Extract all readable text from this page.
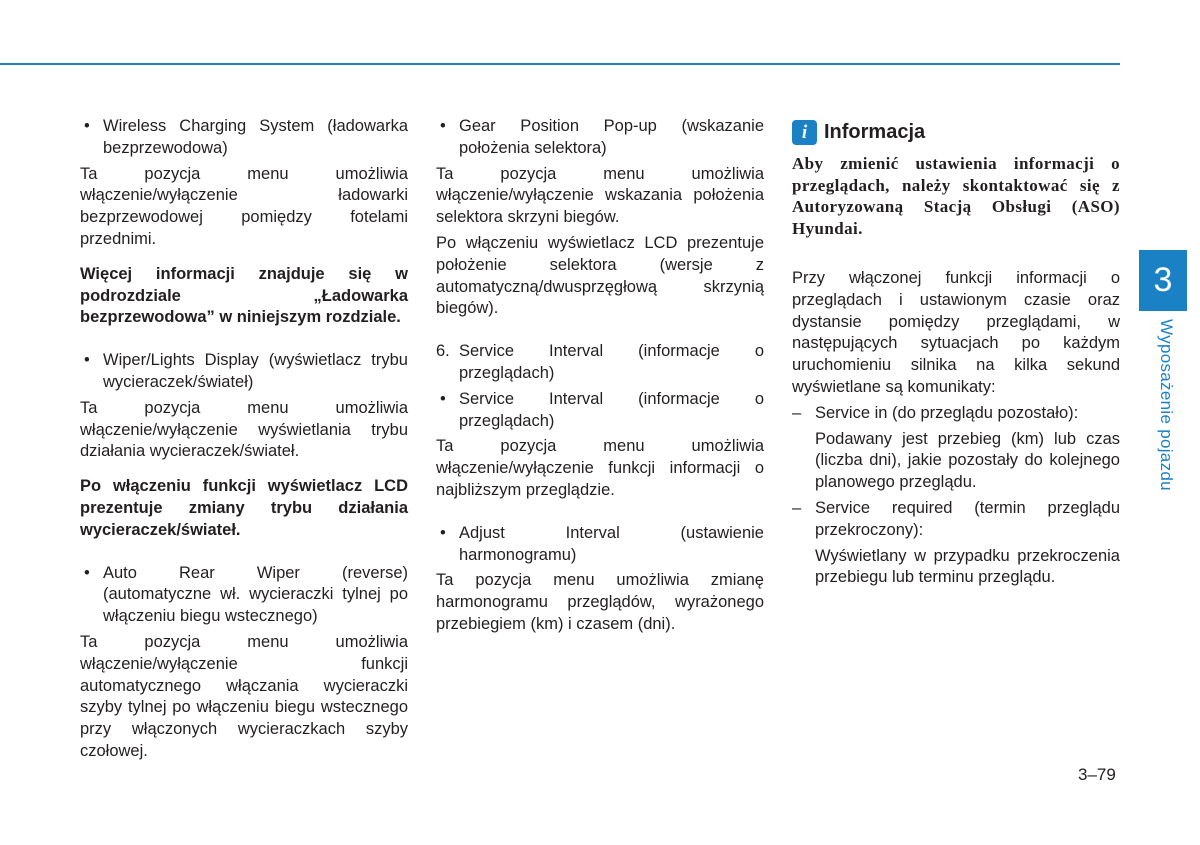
• Wireless Charging System (ładowarka bezprzewodowa)

Ta pozycja menu umożliwia włączenie/wyłączenie ładowarki bezprzewodowej pomiędzy fotelami przednimi.

Więcej informacji znajduje się w podrozdziale „Ładowarka bezprzewodowa” w niniejszym rozdziale.

• Wiper/Lights Display (wyświetlacz trybu wycieraczek/świateł)

Ta pozycja menu umożliwia włączenie/wyłączenie wyświetlania trybu działania wycieraczek/świateł.

Po włączeniu funkcji wyświetlacz LCD prezentuje zmiany trybu działania wycieraczek/świateł.

• Auto Rear Wiper (reverse) (automatyczne wł. wycieraczki tylnej po włączeniu biegu wstecznego)

Ta pozycja menu umożliwia włączenie/wyłączenie funkcji automatycznego włączania wycieraczki szyby tylnej po włączeniu biegu wstecznego przy włączonych wycieraczkach szyby czołowej.

• Gear Position Pop-up (wskazanie położenia selektora)

Ta pozycja menu umożliwia włączenie/wyłączenie wskazania położenia selektora skrzyni biegów.

Po włączeniu wyświetlacz LCD prezentuje położenie selektora (wersje z automatyczną/dwusprzęgłową skrzynią biegów).

6. Service Interval (informacje o przeglądach)

• Service Interval (informacje o przeglądach)

Ta pozycja menu umożliwia włączenie/wyłączenie funkcji informacji o najbliższym przeglądzie.

• Adjust Interval (ustawienie harmonogramu)

Ta pozycja menu umożliwia zmianę harmonogramu przeglądów, wyrażonego przebiegiem (km) i czasem (dni).

i Informacja

Aby zmienić ustawienia informacji o przeglądach, należy skontaktować się z Autoryzowaną Stacją Obsługi (ASO) Hyundai.

Przy włączonej funkcji informacji o przeglądach i ustawionym czasie oraz dystansie pomiędzy przeglądami, w następujących sytuacjach po każdym uruchomieniu silnika na kilka sekund wyświetlane są komunikaty:

– Service in (do przeglądu pozostało):

Podawany jest przebieg (km) lub czas (liczba dni), jakie pozostały do kolejnego planowego przeglądu.

– Service required (termin przeglądu przekroczony):

Wyświetlany w przypadku przekroczenia przebiegu lub terminu przeglądu.

3
Wyposażenie pojazdu
3–79
